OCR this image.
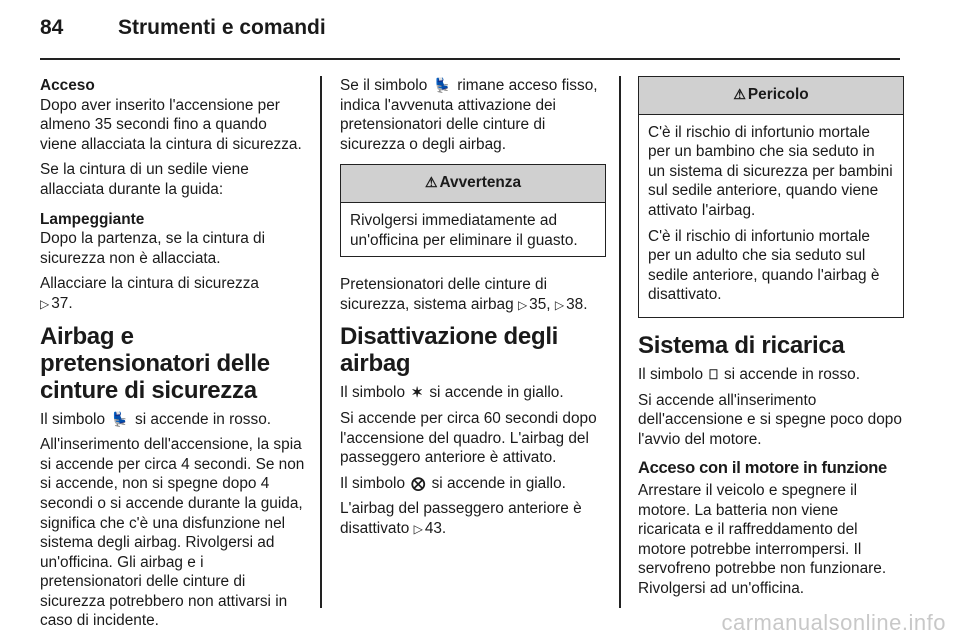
84	Strumenti e comandi

Acceso

Dopo aver inserito l'accensione per almeno 35 secondi fino a quando viene allacciata la cintura di sicurezza.

Se la cintura di un sedile viene allacciata durante la guida:

Lampeggiante

Dopo la partenza, se la cintura di sicurezza non è allacciata.

Allacciare la cintura di sicurezza
▷ 37.

Airbag e pretensionatori delle cinture di sicurezza

Il simbolo 💺 si accende in rosso.

All'inserimento dell'accensione, la spia si accende per circa 4 secondi. Se non si accende, non si spegne dopo 4 secondi o si accende durante la guida, significa che c'è una disfunzione nel sistema degli airbag. Rivolgersi ad un'officina. Gli airbag e i pretensionatori delle cinture di sicurezza potrebbero non attivarsi in caso di incidente.

Se il simbolo 💺 rimane acceso fisso, indica l'avvenuta attivazione dei pretensionatori delle cinture di sicurezza o degli airbag.

⚠ Avvertenza
Rivolgersi immediatamente ad un'officina per eliminare il guasto.

Pretensionatori delle cinture di sicurezza, sistema airbag ▷ 35, ▷ 38.

Disattivazione degli airbag

Il simbolo ✶ si accende in giallo.

Si accende per circa 60 secondi dopo l'accensione del quadro. L'airbag del passeggero anteriore è attivato.

Il simbolo ⨂ si accende in giallo.

L'airbag del passeggero anteriore è disattivato ▷ 43.

⚠ Pericolo

C'è il rischio di infortunio mortale per un bambino che sia seduto in un sistema di sicurezza per bambini sul sedile anteriore, quando viene attivato l'airbag.

C'è il rischio di infortunio mortale per un adulto che sia seduto sul sedile anteriore, quando l'airbag è disattivato.

Sistema di ricarica

Il simbolo ⎕ si accende in rosso.

Si accende all'inserimento dell'accensione e si spegne poco dopo l'avvio del motore.

Acceso con il motore in funzione

Arrestare il veicolo e spegnere il motore. La batteria non viene ricaricata e il raffreddamento del motore potrebbe interrompersi. Il servofreno potrebbe non funzionare. Rivolgersi ad un'officina.

carmanualsonline.info
